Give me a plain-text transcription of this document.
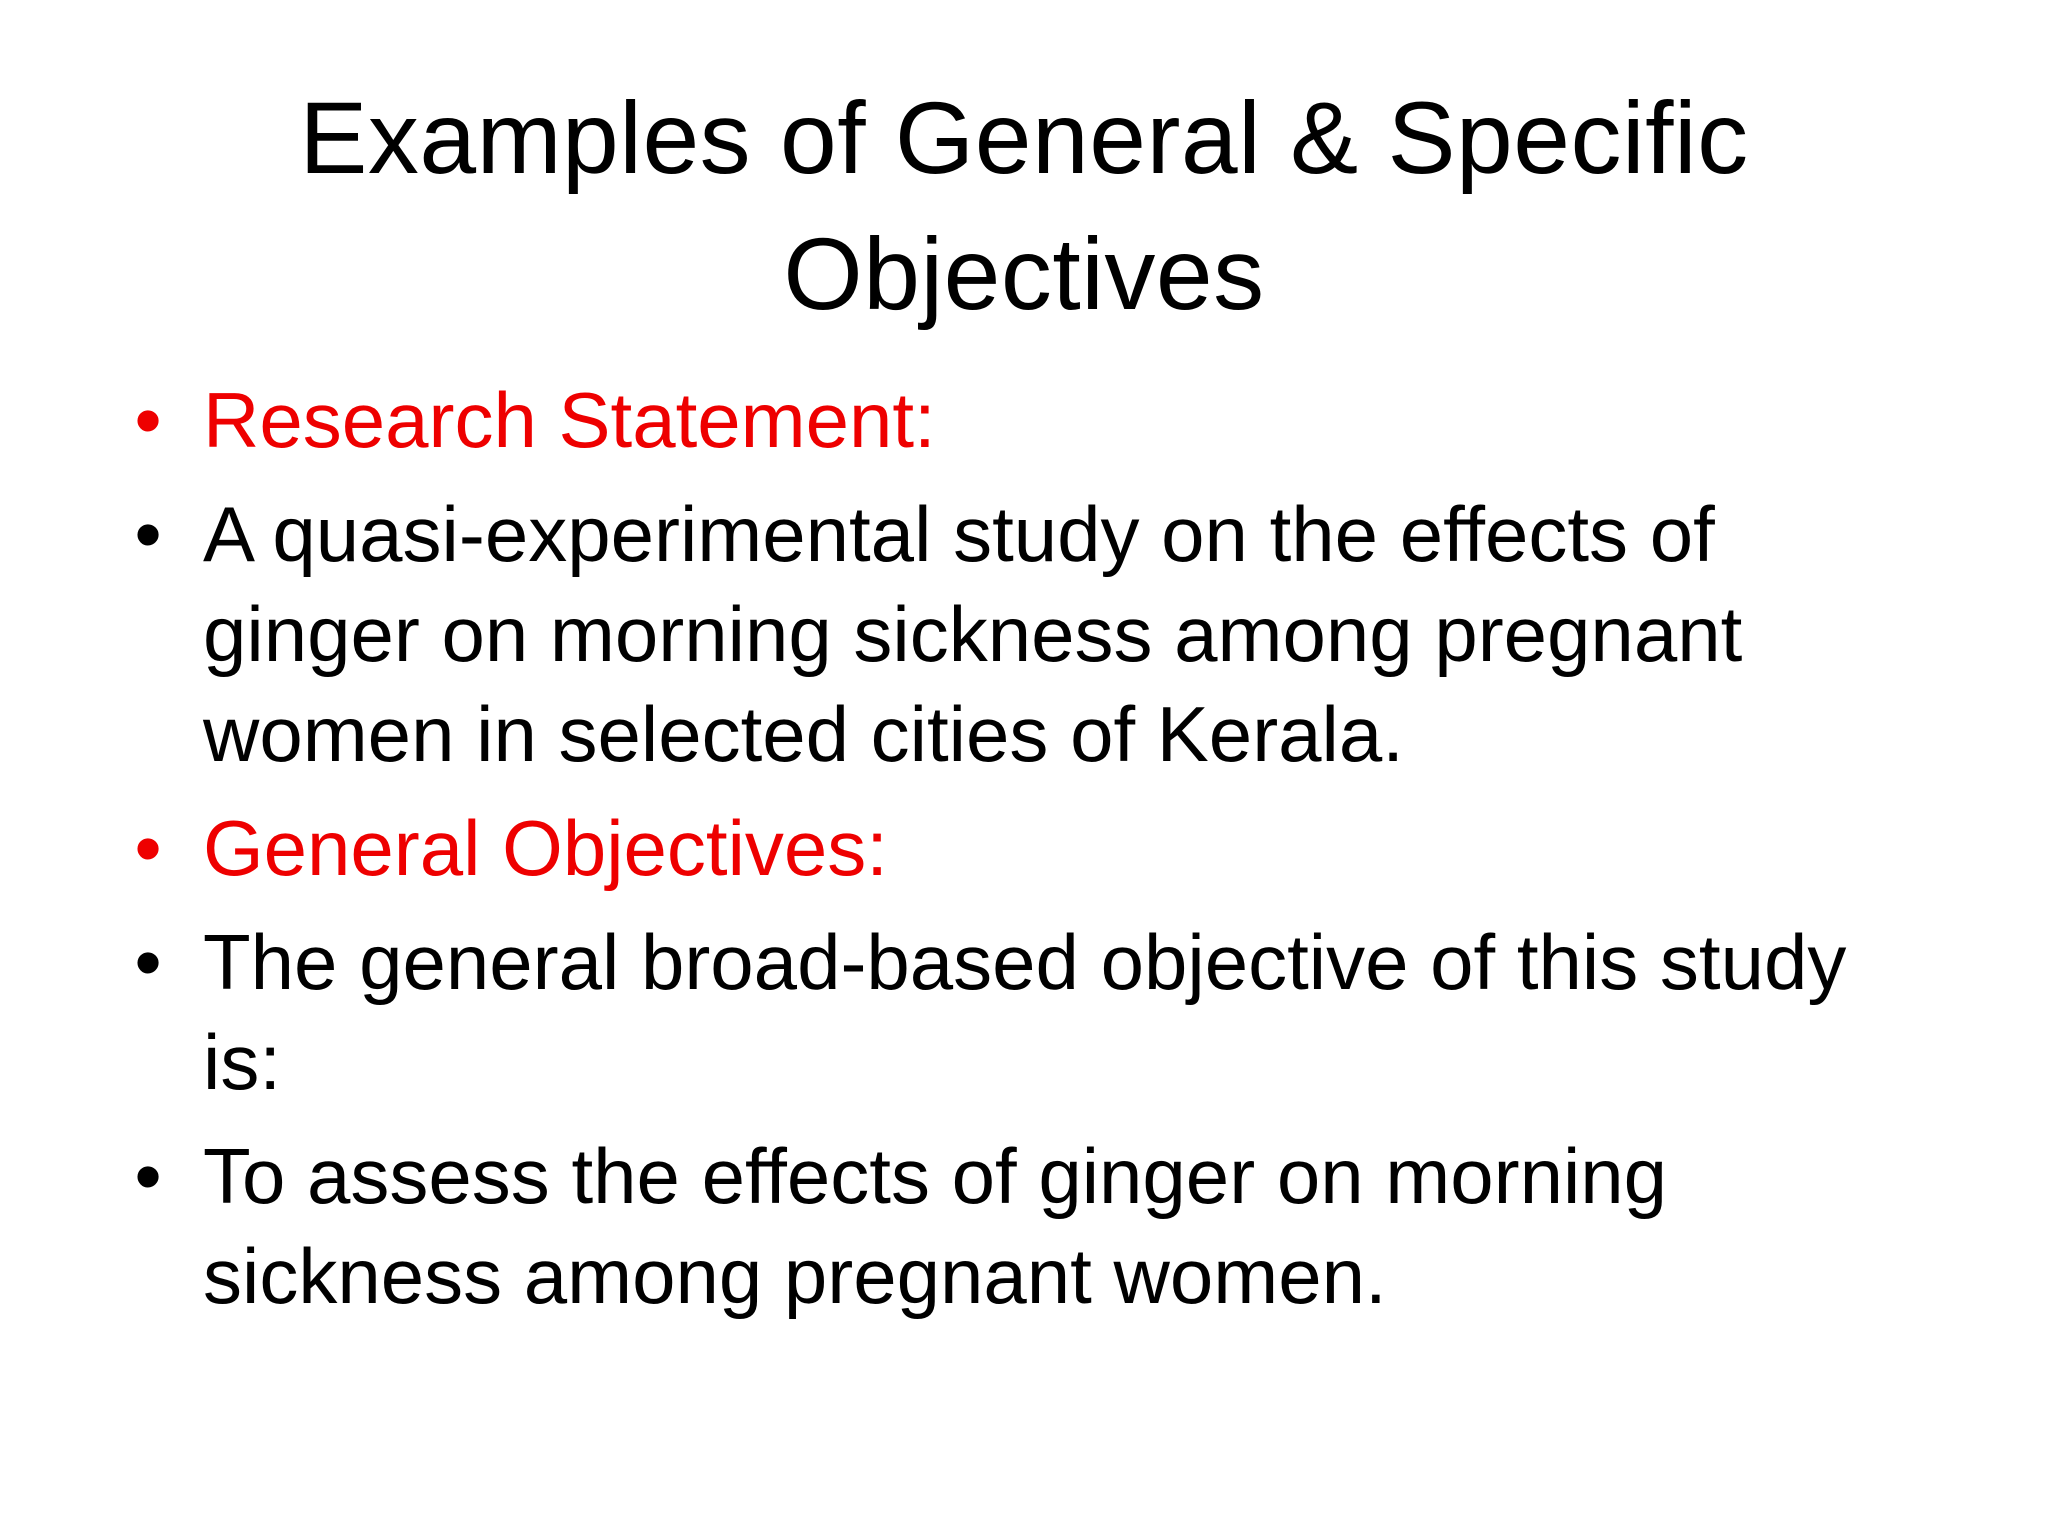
Examples of General & Specific Objectives
• Research Statement:
• A quasi-experimental study on the effects of ginger on morning sickness among pregnant women in selected cities of Kerala.
• General Objectives:
• The general broad-based objective of this study is:
• To assess the effects of ginger on morning sickness among pregnant women.
